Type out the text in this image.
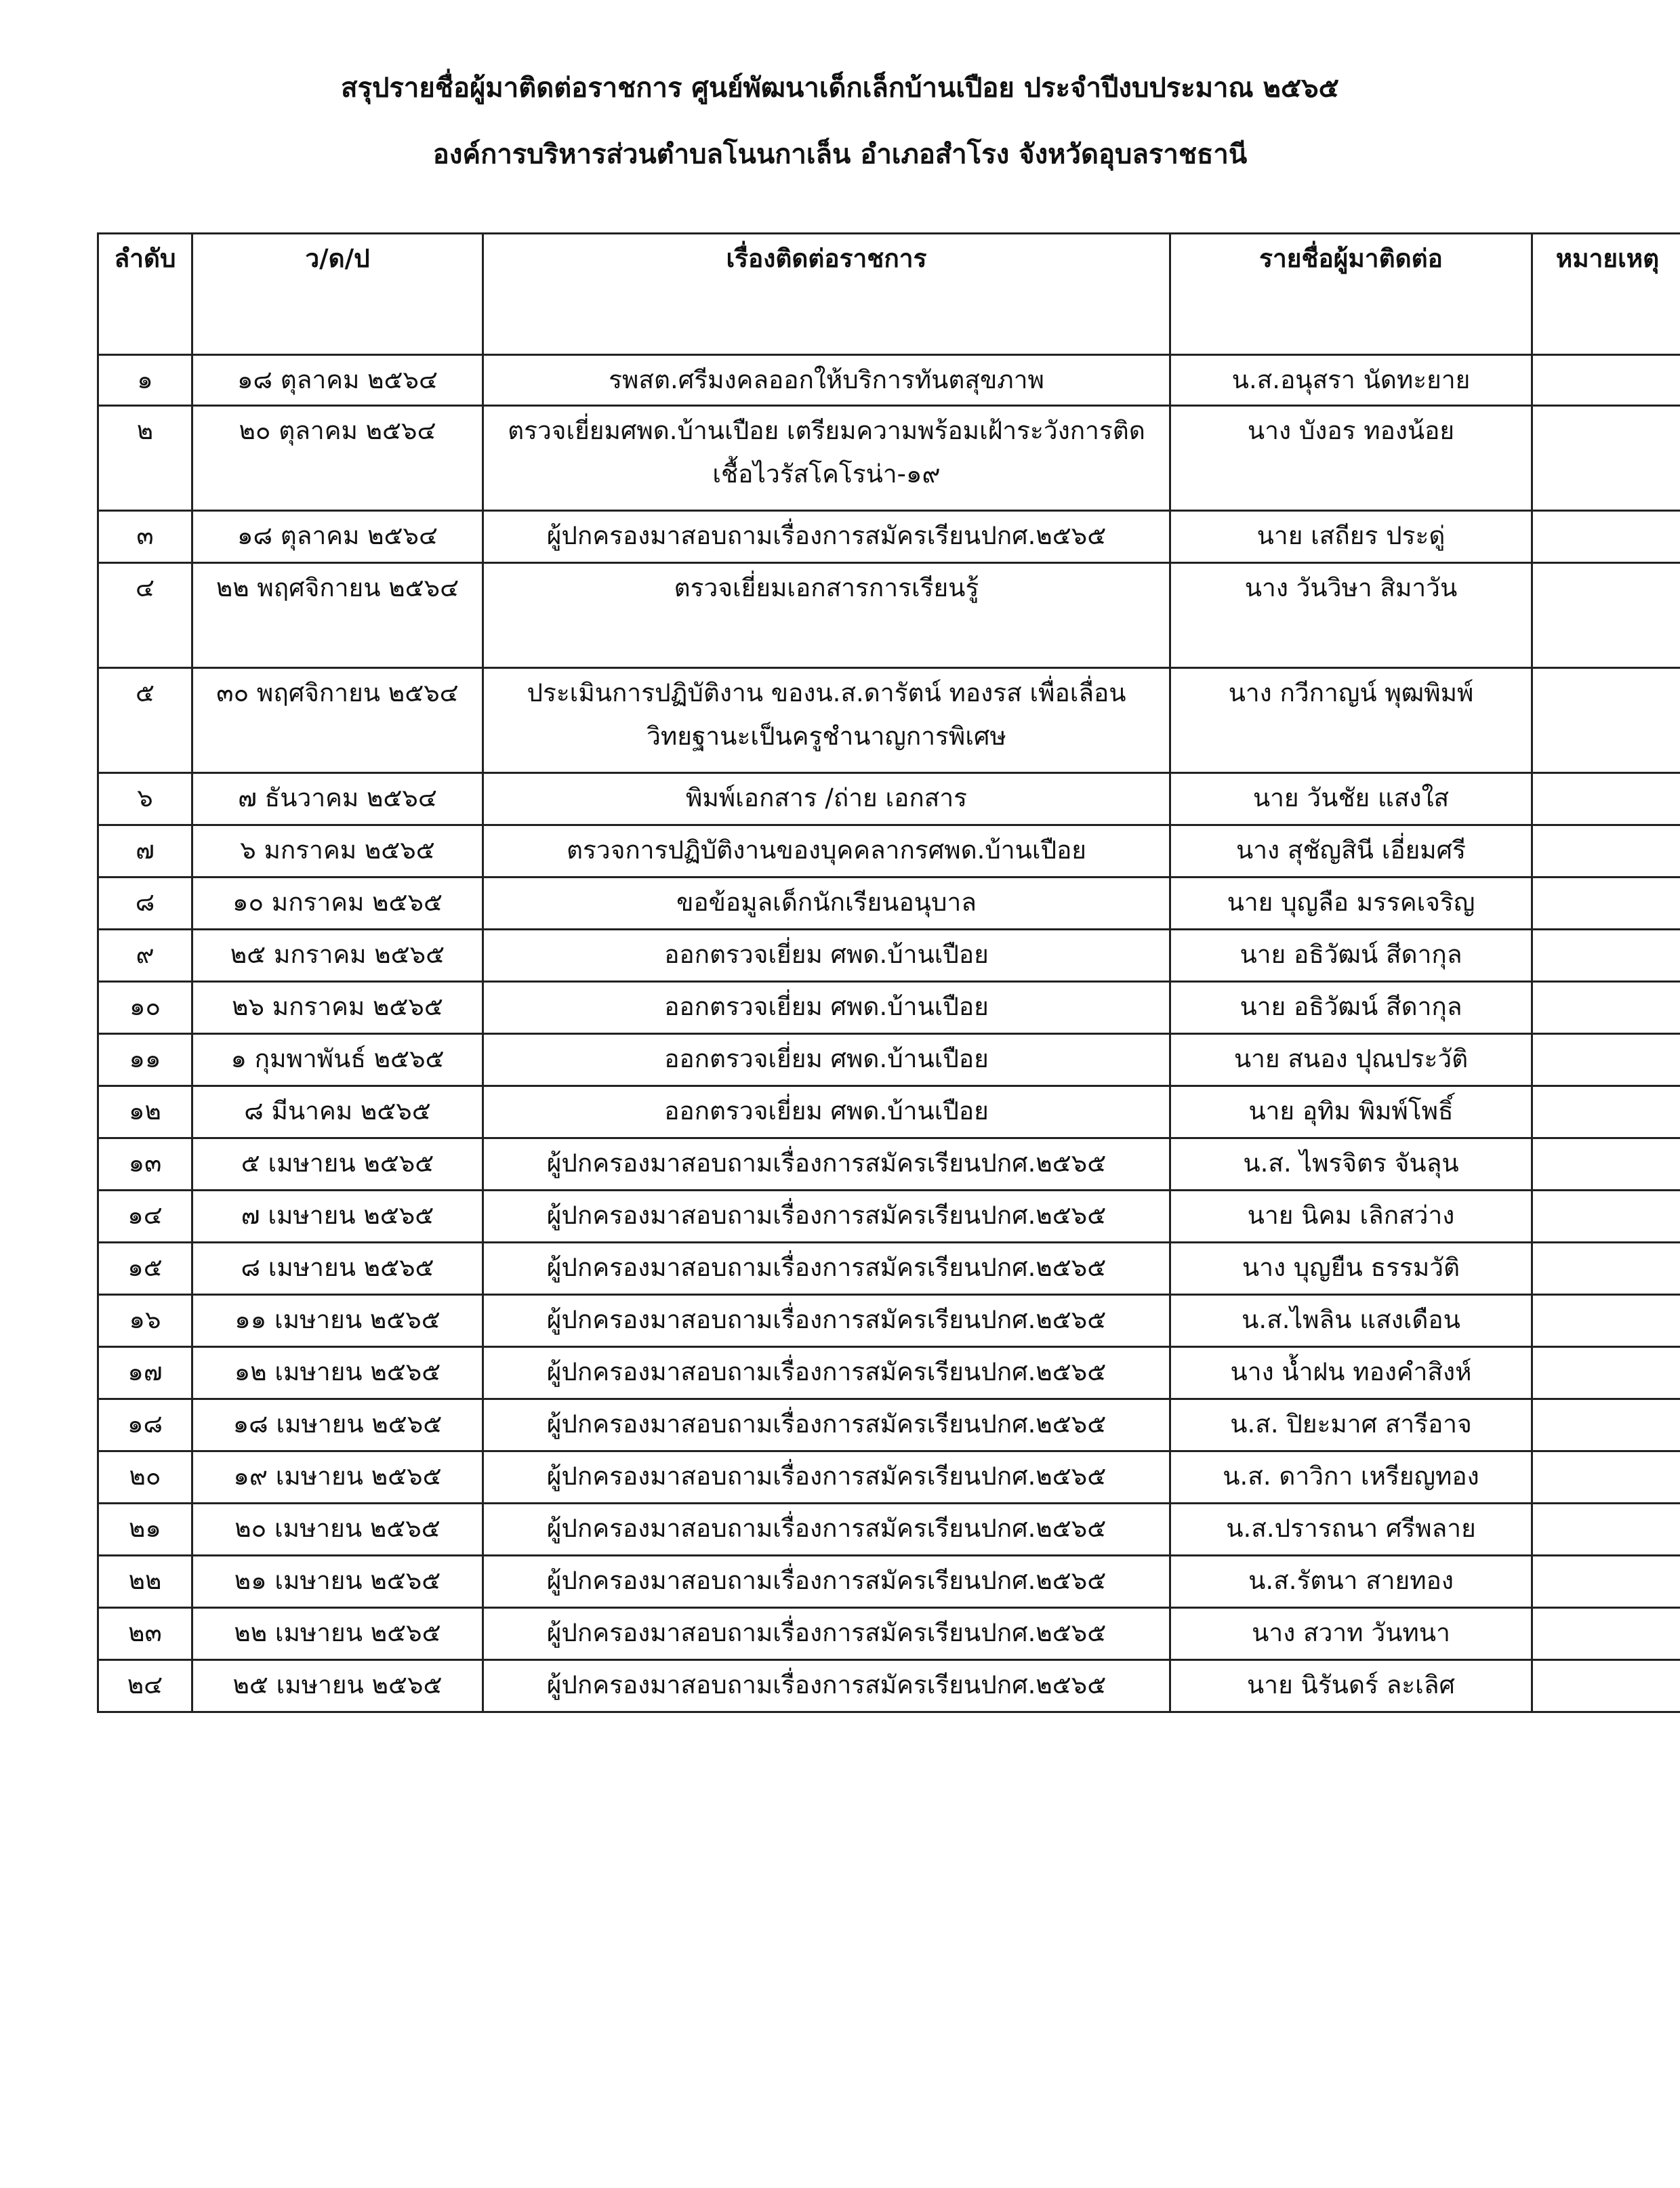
สรุปรายชื่อผู้มาติดต่อราชการ ศูนย์พัฒนาเด็กเล็กบ้านเปือย ประจำปีงบประมาณ ๒๕๖๕
องค์การบริหารส่วนตำบลโนนกาเล็น อำเภอสำโรง จังหวัดอุบลราชธานี
ลำดับ	ว/ด/ป	เรื่องติดต่อราชการ	รายชื่อผู้มาติดต่อ	หมายเหตุ
๑	๑๘ ตุลาคม ๒๕๖๔	รพสต.ศรีมงคลออกให้บริการทันตสุขภาพ	น.ส.อนุสรา นัดทะยาย	
๒	๒๐ ตุลาคม ๒๕๖๔	ตรวจเยี่ยมศพด.บ้านเปือย เตรียมความพร้อมเฝ้าระวังการติดเชื้อไวรัสโคโรน่า-๑๙	นาง บังอร ทองน้อย	
๓	๑๘ ตุลาคม ๒๕๖๔	ผู้ปกครองมาสอบถามเรื่องการสมัครเรียนปกศ.๒๕๖๕	นาย เสถียร ประดู่	
๔	๒๒ พฤศจิกายน ๒๕๖๔	ตรวจเยี่ยมเอกสารการเรียนรู้	นาง วันวิษา สิมาวัน	
๕	๓๐ พฤศจิกายน ๒๕๖๔	ประเมินการปฏิบัติงาน ของน.ส.ดารัตน์ ทองรส เพื่อเลื่อนวิทยฐานะเป็นครูชำนาญการพิเศษ	นาง กวีกาญน์ พุฒพิมพ์	
๖	๗ ธันวาคม ๒๕๖๔	พิมพ์เอกสาร /ถ่าย เอกสาร	นาย วันชัย แสงใส	
๗	๖ มกราคม ๒๕๖๕	ตรวจการปฏิบัติงานของบุคคลากรศพด.บ้านเปือย	นาง สุชัญสินี เอี่ยมศรี	
๘	๑๐ มกราคม ๒๕๖๕	ขอข้อมูลเด็กนักเรียนอนุบาล	นาย บุญลือ มรรคเจริญ	
๙	๒๕ มกราคม ๒๕๖๕	ออกตรวจเยี่ยม ศพด.บ้านเปือย	นาย อธิวัฒน์ สีดากุล	
๑๐	๒๖ มกราคม ๒๕๖๕	ออกตรวจเยี่ยม ศพด.บ้านเปือย	นาย อธิวัฒน์ สีดากุล	
๑๑	๑ กุมพาพันธ์ ๒๕๖๕	ออกตรวจเยี่ยม ศพด.บ้านเปือย	นาย สนอง ปุณประวัติ	
๑๒	๘ มีนาคม ๒๕๖๕	ออกตรวจเยี่ยม ศพด.บ้านเปือย	นาย อุทิม พิมพ์โพธิ์	
๑๓	๕ เมษายน ๒๕๖๕	ผู้ปกครองมาสอบถามเรื่องการสมัครเรียนปกศ.๒๕๖๕	น.ส. ไพรจิตร จันลุน	
๑๔	๗ เมษายน ๒๕๖๕	ผู้ปกครองมาสอบถามเรื่องการสมัครเรียนปกศ.๒๕๖๕	นาย นิคม เลิกสว่าง	
๑๕	๘ เมษายน ๒๕๖๕	ผู้ปกครองมาสอบถามเรื่องการสมัครเรียนปกศ.๒๕๖๕	นาง บุญยืน ธรรมวัติ	
๑๖	๑๑ เมษายน ๒๕๖๕	ผู้ปกครองมาสอบถามเรื่องการสมัครเรียนปกศ.๒๕๖๕	น.ส.ไพลิน แสงเดือน	
๑๗	๑๒ เมษายน ๒๕๖๕	ผู้ปกครองมาสอบถามเรื่องการสมัครเรียนปกศ.๒๕๖๕	นาง น้ำฝน ทองคำสิงห์	
๑๘	๑๘ เมษายน ๒๕๖๕	ผู้ปกครองมาสอบถามเรื่องการสมัครเรียนปกศ.๒๕๖๕	น.ส. ปิยะมาศ สารีอาจ	
๒๐	๑๙ เมษายน ๒๕๖๕	ผู้ปกครองมาสอบถามเรื่องการสมัครเรียนปกศ.๒๕๖๕	น.ส. ดาวิกา เหรียญทอง	
๒๑	๒๐ เมษายน ๒๕๖๕	ผู้ปกครองมาสอบถามเรื่องการสมัครเรียนปกศ.๒๕๖๕	น.ส.ปรารถนา ศรีพลาย	
๒๒	๒๑ เมษายน ๒๕๖๕	ผู้ปกครองมาสอบถามเรื่องการสมัครเรียนปกศ.๒๕๖๕	น.ส.รัตนา สายทอง	
๒๓	๒๒ เมษายน ๒๕๖๕	ผู้ปกครองมาสอบถามเรื่องการสมัครเรียนปกศ.๒๕๖๕	นาง สวาท วันทนา	
๒๔	๒๕ เมษายน ๒๕๖๕	ผู้ปกครองมาสอบถามเรื่องการสมัครเรียนปกศ.๒๕๖๕	นาย นิรันดร์ ละเลิศ	
